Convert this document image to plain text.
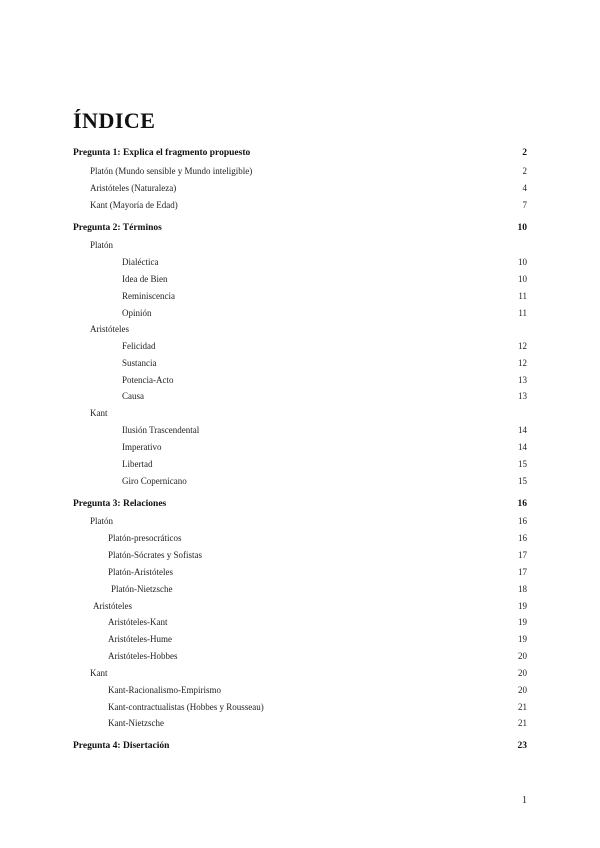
ÍNDICE
Pregunta 1: Explica el fragmento propuesto	2
Platón (Mundo sensible y Mundo inteligible)	2
Aristóteles (Naturaleza)	4
Kant (Mayoría de Edad)	7
Pregunta 2: Términos	10
Platón
Dialéctica	10
Idea de Bien	10
Reminiscencia	11
Opinión	11
Aristóteles
Felicidad	12
Sustancia	12
Potencia-Acto	13
Causa	13
Kant
Ilusión Trascendental	14
Imperativo	14
Libertad	15
Giro Copernicano	15
Pregunta 3: Relaciones	16
Platón	16
Platón-presocráticos	16
Platón-Sócrates y Sofistas	17
Platón-Aristóteles	17
Platón-Nietzsche	18
Aristóteles	19
Aristóteles-Kant	19
Aristóteles-Hume	19
Aristóteles-Hobbes	20
Kant	20
Kant-Racionalismo-Empirismo	20
Kant-contractualistas (Hobbes y Rousseau)	21
Kant-Nietzsche	21
Pregunta 4: Disertación	23
1
